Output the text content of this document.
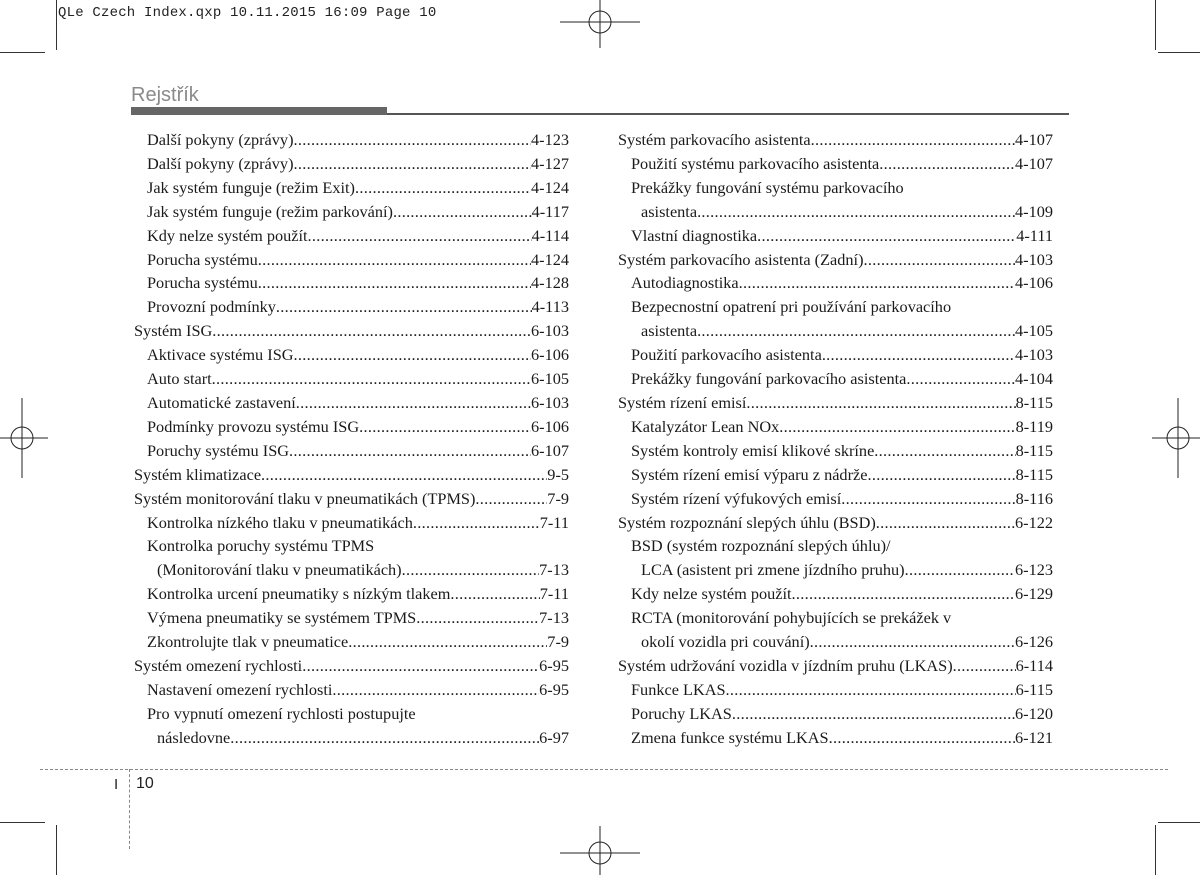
QLe Czech Index.qxp 10.11.2015 16:09 Page 10
Rejstřík
Další pokyny (zprávy) .....	4-123
Další pokyny (zprávy) .....	4-127
Jak systém funguje (režim Exit) .....	4-124
Jak systém funguje (režim parkování) .....	4-117
Kdy nelze systém použít .....	4-114
Porucha systému .....	4-124
Porucha systému .....	4-128
Provozní podmínky .....	4-113
Systém ISG .....	6-103
Aktivace systému ISG .....	6-106
Auto start .....	6-105
Automatické zastavení .....	6-103
Podmínky provozu systému ISG .....	6-106
Poruchy systému ISG .....	6-107
Systém klimatizace .....	9-5
Systém monitorování tlaku v pneumatikách (TPMS) .....	7-9
Kontrolka nízkého tlaku v pneumatikách .....	7-11
Kontrolka poruchy systému TPMS
(Monitorování tlaku v pneumatikách) .....	7-13
Kontrolka urcení pneumatiky s nízkým tlakem .....	7-11
Výmena pneumatiky se systémem TPMS .....	7-13
Zkontrolujte tlak v pneumatice .....	7-9
Systém omezení rychlosti .....	6-95
Nastavení omezení rychlosti .....	6-95
Pro vypnutí omezení rychlosti postupujte
následovne .....	6-97
Systém parkovacího asistenta .....	4-107
Použití systému parkovacího asistenta .....	4-107
Prekážky fungování systému parkovacího
asistenta .....	4-109
Vlastní diagnostika .....	4-111
Systém parkovacího asistenta (Zadní) .....	4-103
Autodiagnostika .....	4-106
Bezpecnostní opatrení pri používání parkovacího
asistenta .....	4-105
Použití parkovacího asistenta .....	4-103
Prekážky fungování parkovacího asistenta .....	4-104
Systém rízení emisí .....	8-115
Katalyzátor Lean NOx .....	8-119
Systém kontroly emisí klikové skríne .....	8-115
Systém rízení emisí výparu z nádrže .....	8-115
Systém rízení výfukových emisí .....	8-116
Systém rozpoznání slepých úhlu (BSD) .....	6-122
BSD (systém rozpoznání slepých úhlu)/
LCA (asistent pri zmene jízdního pruhu) .....	6-123
Kdy nelze systém použít .....	6-129
RCTA (monitorování pohybujících se prekážek v
okolí vozidla pri couvání) .....	6-126
Systém udržování vozidla v jízdním pruhu (LKAS) .....	6-114
Funkce LKAS .....	6-115
Poruchy LKAS .....	6-120
Zmena funkce systému LKAS .....	6-121
I 10
